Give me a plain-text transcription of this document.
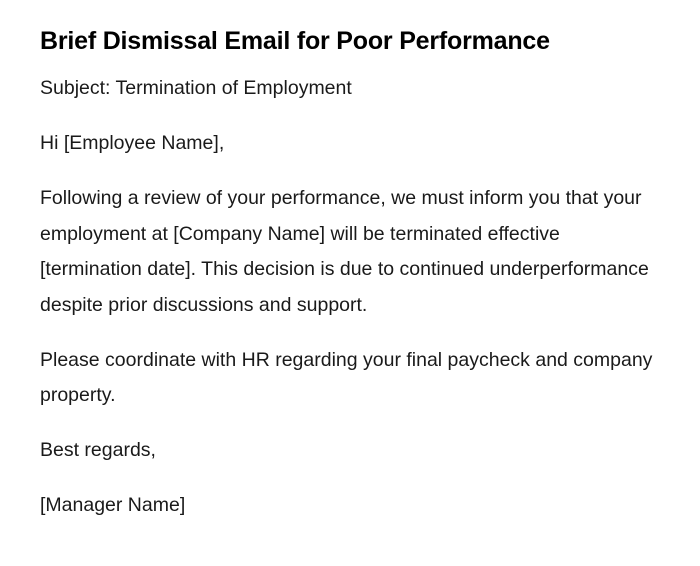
Brief Dismissal Email for Poor Performance

Subject: Termination of Employment

Hi [Employee Name],

Following a review of your performance, we must inform you that your employment at [Company Name] will be terminated effective [termination date]. This decision is due to continued underperformance despite prior discussions and support.

Please coordinate with HR regarding your final paycheck and company property.

Best regards,

[Manager Name]
